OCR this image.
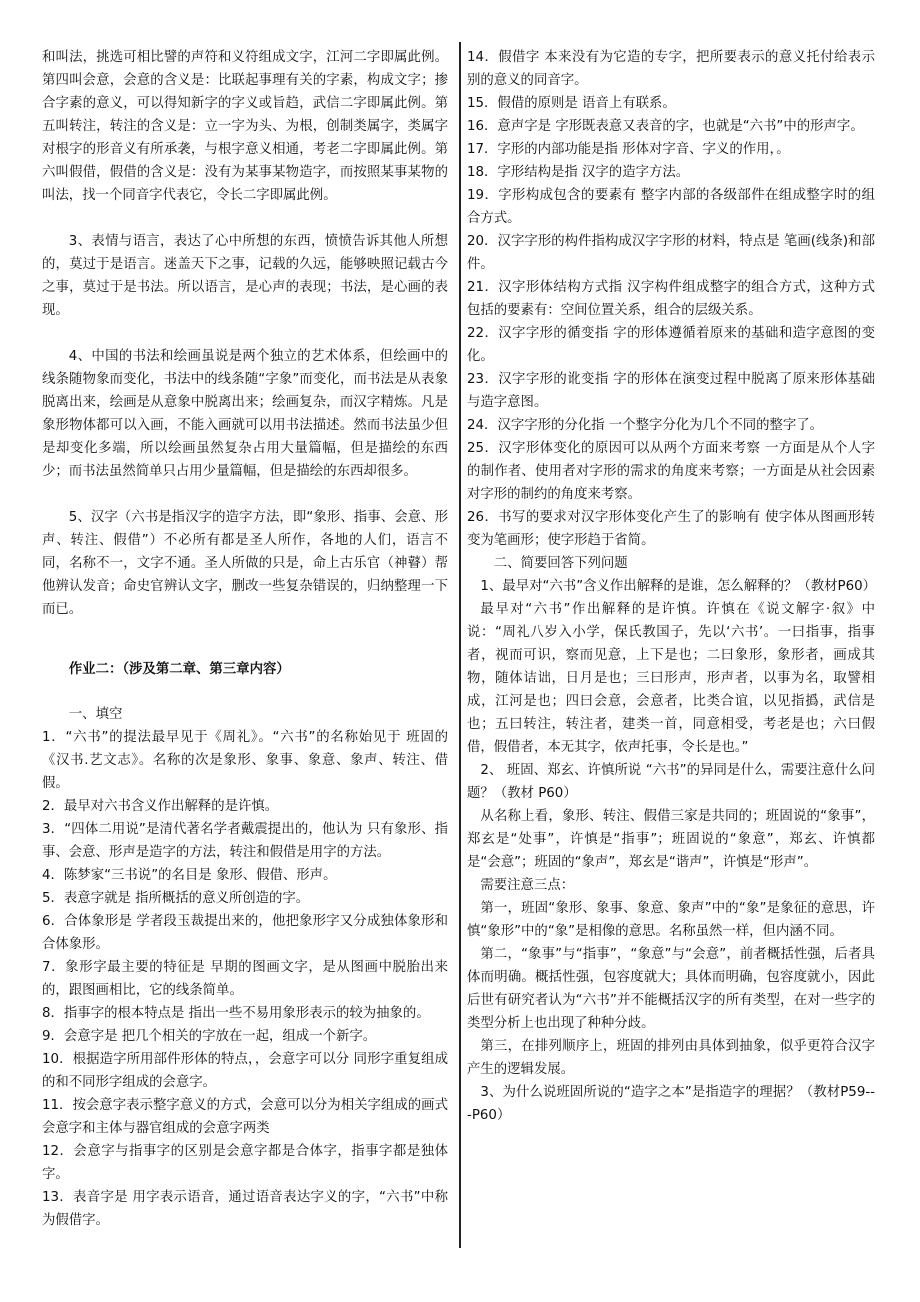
和叫法，挑选可相比譬的声符和义符组成文字，江河二字即属此例。第四叫会意，会意的含义是：比联起事理有关的字素，构成文字；掺合字素的意义，可以得知新字的字义或旨趋，武信二字即属此例。第五叫转注，转注的含义是：立一字为头、为根，创制类属字，类属字对根字的形音义有所承袭，与根字意义相通，考老二字即属此例。第六叫假借，假借的含义是：没有为某事某物造字，而按照某事某物的叫法，找一个同音字代表它，令长二字即属此例。

3、表情与语言，表达了心中所想的东西，愤愤告诉其他人所想的，莫过于是语言。迷盖天下之事，记载的久远，能够映照记载古今之事，莫过于是书法。所以语言，是心声的表现；书法，是心画的表现。

4、中国的书法和绘画虽说是两个独立的艺术体系，但绘画中的线条随物象而变化，书法中的线条随“字象”而变化，而书法是从表象脱离出来，绘画是从意象中脱离出来；绘画复杂，而汉字精炼。凡是象形物体都可以入画，不能入画就可以用书法描述。然而书法虽少但是却变化多端，所以绘画虽然复杂占用大量篇幅，但是描绘的东西少；而书法虽然简单只占用少量篇幅，但是描绘的东西却很多。

5、汉字（六书是指汉字的造字方法，即“象形、指事、会意、形声、转注、假借”）不必所有都是圣人所作，各地的人们，语言不同，名称不一，文字不通。圣人所做的只是，命上古乐官（神瞽）帮他辨认发音；命史官辨认文字，删改一些复杂错误的，归纳整理一下而已。

作业二：（涉及第二章、第三章内容）

一、填空

1．“六书”的提法最早见于《周礼》。“六书”的名称始见于 班固的《汉书.艺文志》。名称的次是象形、象事、象意、象声、转注、借假。

2．最早对六书含义作出解释的是许慎。

3．“四体二用说”是清代著名学者戴震提出的，他认为 只有象形、指事、会意、形声是造字的方法，转注和假借是用字的方法。

4．陈梦家“三书说”的名目是 象形、假借、形声。

5．表意字就是 指所概括的意义所创造的字。

6．合体象形是 学者段玉裁提出来的，他把象形字又分成独体象形和合体象形。

7．象形字最主要的特征是 早期的图画文字，是从图画中脱胎出来的，跟图画相比，它的线条简单。

8．指事字的根本特点是 指出一些不易用象形表示的较为抽象的。

9．会意字是 把几个相关的字放在一起，组成一个新字。

10．根据造字所用部件形体的特点，，会意字可以分 同形字重复组成的和不同形字组成的会意字。

11．按会意字表示整字意义的方式，会意可以分为相关字组成的画式会意字和主体与器官组成的会意字两类

12．会意字与指事字的区别是会意字都是合体字，指事字都是独体字。

13．表音字是 用字表示语音，通过语音表达字义的字，“六书”中称为假借字。

14．假借字 本来没有为它造的专字，把所要表示的意义托付给表示别的意义的同音字。

15．假借的原则是 语音上有联系。

16．意声字是 字形既表意又表音的字，也就是“六书”中的形声字。

17．字形的内部功能是指 形体对字音、字义的作用，。

18．字形结构是指 汉字的造字方法。

19．字形构成包含的要素有 整字内部的各级部件在组成整字时的组合方式。

20．汉字字形的构件指构成汉字字形的材料，特点是 笔画(线条)和部件。

21．汉字形体结构方式指 汉字构件组成整字的组合方式，这种方式包括的要素有：空间位置关系，组合的层级关系。

22．汉字字形的循变指 字的形体遵循着原来的基础和造字意图的变化。

23．汉字字形的讹变指 字的形体在演变过程中脱离了原来形体基础与造字意图。

24．汉字字形的分化指 一个整字分化为几个不同的整字了。

25．汉字形体变化的原因可以从两个方面来考察 一方面是从个人字的制作者、使用者对字形的需求的角度来考察；一方面是从社会因素对字形的制约的角度来考察。

26．书写的要求对汉字形体变化产生了的影响有 使字体从图画形转变为笔画形；使字形趋于省简。

二、简要回答下列问题

1、最早对“六书”含义作出解释的是谁，怎么解释的？（教材P60）

最早对“六书”作出解释的是许慎。许慎在《说文解字·叙》中说：“周礼八岁入小学，保氏教国子，先以‘六书’。一曰指事，指事者，视而可识，察而见意，上下是也；二曰象形，象形者，画成其物，随体诘诎，日月是也；三曰形声，形声者，以事为名，取譬相成，江河是也；四曰会意，会意者，比类合谊，以见指撝，武信是也；五曰转注，转注者，建类一首，同意相受，考老是也；六曰假借，假借者，本无其字，依声托事，令长是也。”

2、 班固、郑玄、许慎所说 “六书”的异同是什么，需要注意什么问题？（教材 P60）

从名称上看，象形、转注、假借三家是共同的；班固说的“象事”，郑玄是“处事”，许慎是“指事”；班固说的“象意”，郑玄、许慎都是“会意”；班固的“象声”，郑玄是“谐声”，许慎是“形声”。

需要注意三点：

第一，班固“象形、象事、象意、象声”中的“象”是象征的意思，许慎“象形”中的“象”是相像的意思。名称虽然一样，但内涵不同。

第二，“象事”与“指事”，“象意”与“会意”，前者概括性强，后者具体而明确。概括性强，包容度就大；具体而明确，包容度就小，因此后世有研究者认为“六书”并不能概括汉字的所有类型，在对一些字的类型分析上也出现了种种分歧。

第三，在排列顺序上，班固的排列由具体到抽象，似乎更符合汉字产生的逻辑发展。

3、为什么说班固所说的“造字之本”是指造字的理据？（教材P59---P60）
